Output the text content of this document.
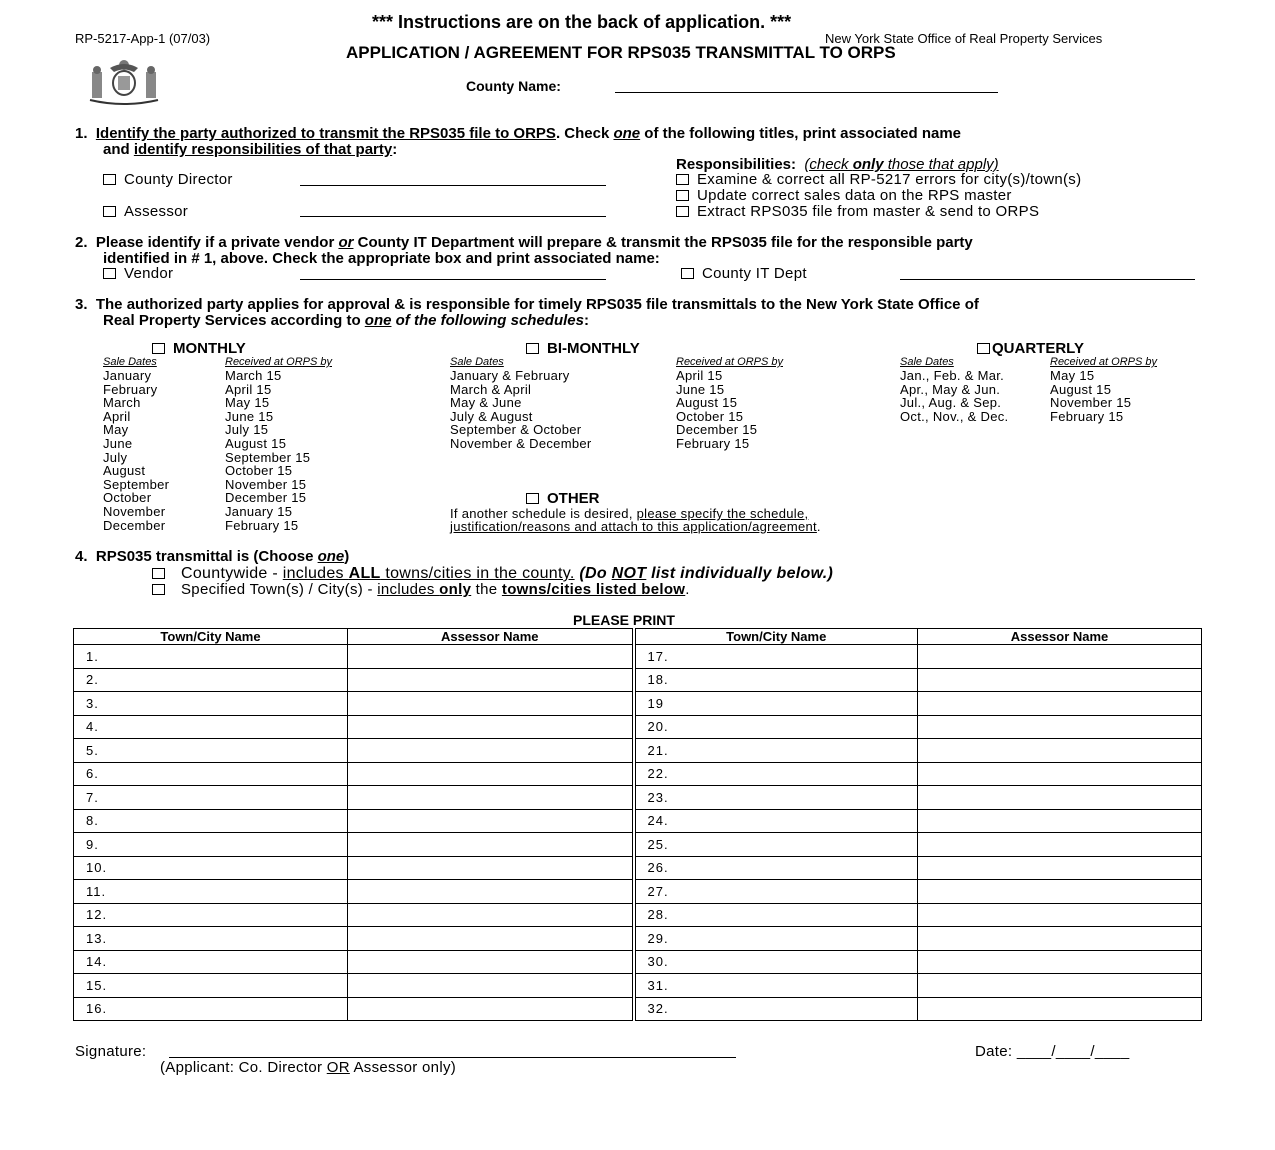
*** Instructions are on the back of application. ***
RP-5217-App-1 (07/03)	New York State Office of Real Property Services
APPLICATION / AGREEMENT FOR RPS035 TRANSMITTAL TO ORPS
County Name:
1. Identify the party authorized to transmit the RPS035 file to ORPS. Check one of the following titles, print associated name
and identify responsibilities of that party:
County Director
Assessor
Responsibilities: (check only those that apply)
Examine & correct all RP-5217 errors for city(s)/town(s)
Update correct sales data on the RPS master
Extract RPS035 file from master & send to ORPS
2. Please identify if a private vendor or County IT Department will prepare & transmit the RPS035 file for the responsible party
identified in # 1, above. Check the appropriate box and print associated name:
Vendor	County IT Dept
3. The authorized party applies for approval & is responsible for timely RPS035 file transmittals to the New York State Office of
Real Property Services according to one of the following schedules:
MONTHLY
Sale Dates	Received at ORPS by
January	March 15
February	April 15
March	May 15
April	June 15
May	July 15
June	August 15
July	September 15
August	October 15
September	November 15
October	December 15
November	January 15
December	February 15
BI-MONTHLY
Sale Dates	Received at ORPS by
January & February	April 15
March & April	June 15
May & June	August 15
July & August	October 15
September & October	December 15
November & December	February 15
QUARTERLY
Sale Dates	Received at ORPS by
Jan., Feb. & Mar.	May 15
Apr., May & Jun.	August 15
Jul., Aug. & Sep.	November 15
Oct., Nov., & Dec.	February 15
OTHER
If another schedule is desired, please specify the schedule,
justification/reasons and attach to this application/agreement.
4. RPS035 transmittal is (Choose one)
Countywide - includes ALL towns/cities in the county. (Do NOT list individually below.)
Specified Town(s) / City(s) - includes only the towns/cities listed below.
PLEASE PRINT
Town/City Name	Assessor Name	Town/City Name	Assessor Name
1.		17.	
2.		18.	
3.		19	
4.		20.	
5.		21.	
6.		22.	
7.		23.	
8.		24.	
9.		25.	
10.		26.	
11.		27.	
12.		28.	
13.		29.	
14.		30.	
15.		31.	
16.		32.	
Signature:
(Applicant: Co. Director OR Assessor only)
Date: ____/____/____
